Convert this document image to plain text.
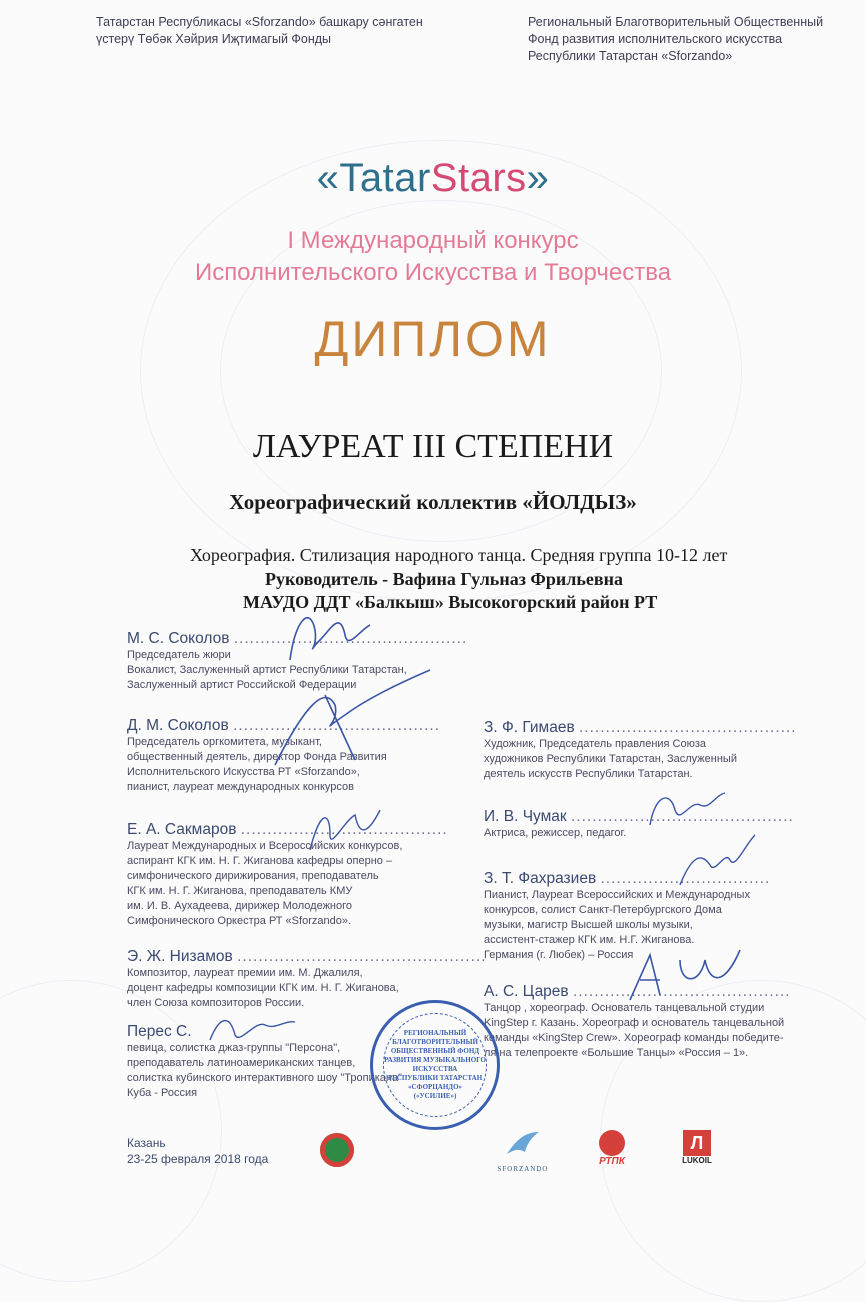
Татарстан Республикасы «Sforzando» башкару сәнгатен
үстерү Төбәк Хәйрия Иҗтимагый Фонды
Региональный Благотворительный Общественный
Фонд развития исполнительского искусства
Республики Татарстан «Sforzando»
«TatarStars»
I Международный конкурс
Исполнительского Искусства и Творчества
ДИПЛОМ
ЛАУРЕАТ III СТЕПЕНИ
Хореографический коллектив «ЙОЛДЫЗ»
Хореография. Стилизация народного танца. Средняя группа 10-12 лет
Руководитель - Вафина Гульназ Фрильевна
МАУДО ДДТ «Балкыш» Высокогорский район РТ
М. С. Соколов ............................................
Председатель жюри
Вокалист, Заслуженный артист Республики Татарстан,
Заслуженный артист Российской Федерации
Д. М. Соколов .......................................
Председатель оргкомитета, музыкант,
общественный деятель, директор Фонда Развития
Исполнительского Искусства РТ «Sforzando»,
пианист, лауреат международных конкурсов
Е. А. Сакмаров .......................................
Лауреат Международных и Всероссийских конкурсов,
аспирант КГК им. Н. Г. Жиганова кафедры оперно –
симфонического дирижирования, преподаватель
КГК им. Н. Г. Жиганова, преподаватель КМУ
им. И. В. Аухадеева, дирижер Молодежного
Симфонического Оркестра РТ «Sforzando».
Э. Ж. Низамов ...............................................
Композитор, лауреат премии им. М. Джалиля,
доцент кафедры композиции КГК им. Н. Г. Жиганова,
член Союза композиторов России.
Перес С.
певица, солистка джаз-группы "Персона",
преподаватель латиноамериканских танцев,
солистка кубинского интерактивного шоу "Тропикана"
Куба - Россия
З. Ф. Гимаев .........................................
Художник, Председатель правления Союза
художников Республики Татарстан, Заслуженный
деятель искусств Республики Татарстан.
И. В. Чумак ..........................................
Актриса, режиссер, педагог.
З. Т. Фахразиев ................................
Пианист, Лауреат Всероссийских и Международных
конкурсов, солист Санкт-Петербургского Дома
музыки, магистр Высшей школы музыки,
ассистент-стажер КГК им. Н.Г. Жиганова.
Германия (г. Любек) – Россия
А. С. Царев .........................................
Танцор , хореограф. Основатель танцевальной студии
KingStep г. Казань. Хореограф и основатель танцевальной
команды «KingStep Crew». Хореограф команды победите-
ля на телепроекте «Большие Танцы» «Россия – 1».
РЕГИОНАЛЬНЫЙ
БЛАГОТВОРИТЕЛЬНЫЙ
ОБЩЕСТВЕННЫЙ ФОНД
РАЗВИТИЯ МУЗЫКАЛЬНОГО
ИСКУССТВА
РЕСПУБЛИКИ ТАТАРСТАН
«СФОРЦАНДО»
(«УСИЛИЕ»)
Казань
23-25 февраля 2018 года
SFORZANDO
РТПК
Л
LUKOIL
